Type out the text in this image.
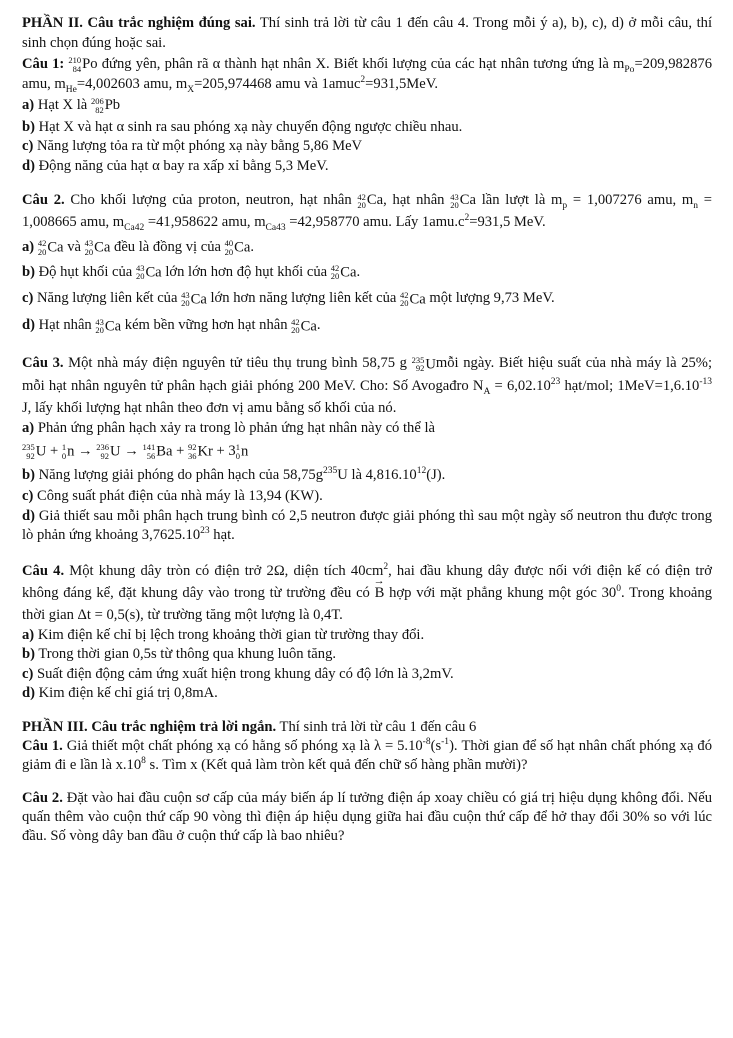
PHẦN II. Câu trắc nghiệm đúng sai. Thí sinh trả lời từ câu 1 đến câu 4. Trong mỗi ý a), b), c), d) ở mỗi câu, thí sinh chọn đúng hoặc sai.

Câu 1: 210
84 Po đứng yên, phân rã α thành hạt nhân X. Biết khối lượng của các hạt nhân tương ứng là $m_{Po}=209,982876$ amu, $m_{He}=4,002603$ amu, $m_X=205,974468$ amu và 1amuc$^2$=931,5MeV.

a) Hạt X là 206
82 Pb

b) Hạt X và hạt α sinh ra sau phóng xạ này chuyển động ngược chiều nhau.

c) Năng lượng tỏa ra từ một phóng xạ này bằng 5,86 MeV

d) Động năng của hạt α bay ra xấp xỉ bằng 5,3 MeV.

Câu 2. Cho khối lượng của proton, neutron, hạt nhân 42
20 Ca, hạt nhân 43
20 Ca lần lượt là $m_p = 1,007276$ amu, $m_n = 1,008665$ amu, $m_{Ca42} =41,958622$ amu, $m_{Ca43} =42,958770$ amu. Lấy $1amu.c^2=931,5$ MeV.

a) 42
20 Ca và 43
20 Ca đều là đồng vị của 40
20 Ca.

b) Độ hụt khối của 43
20 Ca lớn lớn hơn độ hụt khối của 42
20 Ca.

c) Năng lượng liên kết của 43
20 Ca lớn hơn năng lượng liên kết của 42
20 Ca một lượng 9,73 MeV.

d) Hạt nhân 43
20 Ca kém bền vững hơn hạt nhân 42
20 Ca.

Câu 3. Một nhà máy điện nguyên tử tiêu thụ trung bình 58,75 g 235
92 Umỗi ngày. Biết hiệu suất của nhà máy là 25%; mỗi hạt nhân nguyên tử phân hạch giải phóng 200 MeV. Cho: Số Avogađro $N_A = 6,02.10^{23}$ hạt/mol; $1MeV=1,6.10^{-13}$ J, lấy khối lượng hạt nhân theo đơn vị amu bằng số khối của nó.

a) Phản ứng phân hạch xảy ra trong lò phản ứng hạt nhân này có thể là

235
92 U + 1
0 n → 236
92 U → 141
56 Ba + 92
36 Kr + 3 1
0 n

b) Năng lượng giải phóng do phân hạch của $58,75g^{235}U$ là 4,816.10$^{12}$(J).

c) Công suất phát điện của nhà máy là 13,94 (KW).

d) Giả thiết sau mỗi phân hạch trung bình có 2,5 neutron được giải phóng thì sau một ngày số neutron thu được trong lò phản ứng khoảng 3,7625.10$^{23}$ hạt.

Câu 4. Một khung dây tròn có điện trở 2Ω, diện tích $40cm^2$, hai đầu khung dây được nối với điện kế có điện trở không đáng kể, đặt khung dây vào trong từ trường đều có → B hợp với mặt phẳng khung một góc $30^0$. Trong khoảng thời gian Δt = 0,5(s), từ trường tăng một lượng là 0,4T.

a) Kim điện kế chỉ bị lệch trong khoảng thời gian từ trường thay đổi.

b) Trong thời gian 0,5s từ thông qua khung luôn tăng.

c) Suất điện động cảm ứng xuất hiện trong khung dây có độ lớn là 3,2mV.

d) Kim điện kế chỉ giá trị 0,8mA.

PHẦN III. Câu trắc nghiệm trả lời ngắn. Thí sinh trả lời từ câu 1 đến câu 6

Câu 1. Giả thiết một chất phóng xạ có hằng số phóng xạ là $\lambda = 5.10^{-8}(s^{-1})$. Thời gian để số hạt nhân chất phóng xạ đó giảm đi e lần là $x.10^8$ s. Tìm x (Kết quả làm tròn kết quả đến chữ số hàng phần mười)?

Câu 2. Đặt vào hai đầu cuộn sơ cấp của máy biến áp lí tưởng điện áp xoay chiều có giá trị hiệu dụng không đổi. Nếu quấn thêm vào cuộn thứ cấp 90 vòng thì điện áp hiệu dụng giữa hai đầu cuộn thứ cấp để hở thay đổi 30% so với lúc đầu. Số vòng dây ban đầu ở cuộn thứ cấp là bao nhiêu?
